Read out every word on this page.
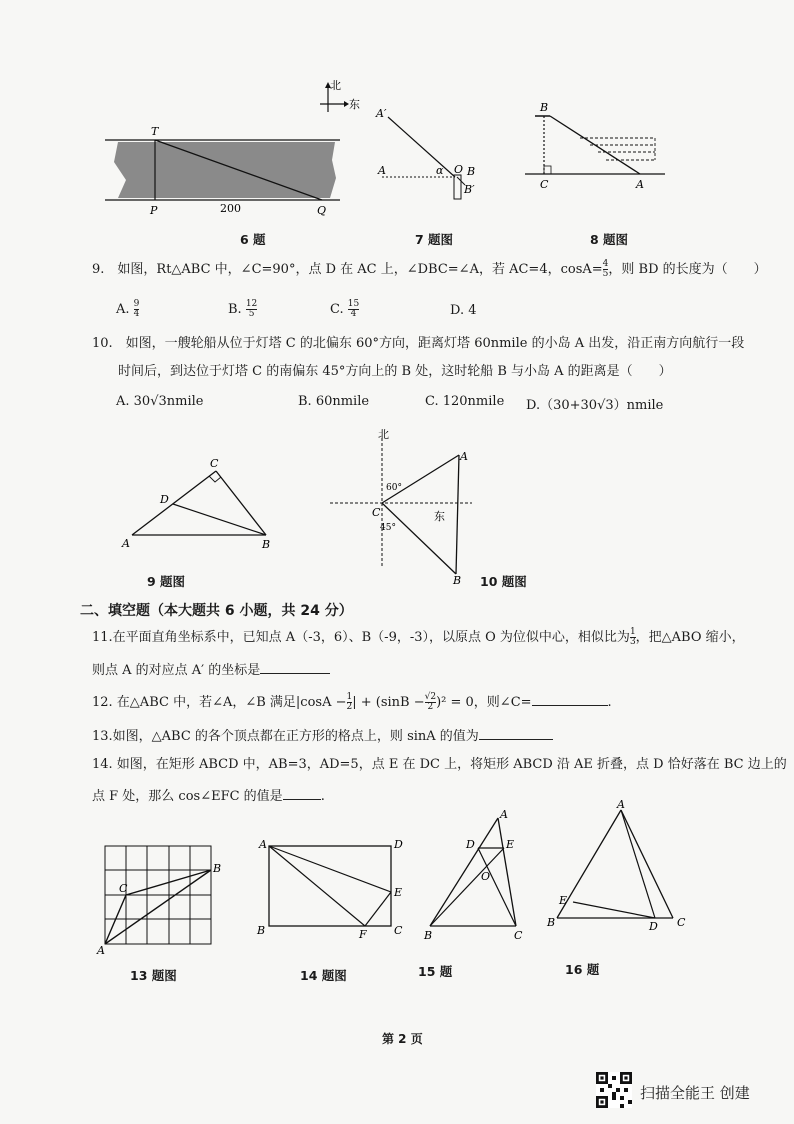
T
P	Q
200
6 题
北
东
A′
A	α O B
B′
7 题图
B
C	A
8 题图
9.　如图，Rt△ABC 中，∠C=90°，点 D 在 AC 上，∠DBC=∠A，若 AC=4，$\cos A= \frac{4}{5}$ ，则 BD 的长度为（　　）
A. $\frac{9}{4}$	B. $\frac{12}{5}$	C. $\frac{15}{4}$	D. 4
10.　如图，一艘轮船从位于灯塔 C 的北偏东 60°方向，距离灯塔 60nmile 的小岛 A 出发，沿正南方向航行一段
时间后，到达位于灯塔 C 的南偏东 45°方向上的 B 处，这时轮船 B 与小岛 A 的距离是（　　）
A. 30√3nmile	B. 60nmile	C. 120nmile D.（30+30√3）nmile
C
D
A	B
9 题图
北
A
C
B
60°
45°
东
10 题图
二、填空题（本大题共 6 小题，共 24 分）
11.在平面直角坐标系中，已知点 A（-3，6）、B（-9，-3），以原点 O 为位似中心，相似比为 $\frac{1}{3}$ ，把△ABO 缩小，
则点 A 的对应点 A′ 的坐标是
12. 在△ABC 中，若∠A，∠B 满足$|\cos A - \frac{1}{2}$ | + $(\sin B - \frac{√2}{2} )^2 = 0$，则∠C=	.
13.如图，△ABC 的各个顶点都在正方形的格点上，则 sinA 的值为
14. 如图，在矩形 ABCD 中，AB=3，AD=5，点 E 在 DC 上，将矩形 ABCD 沿 AE 折叠，点 D 恰好落在 BC 边上的
点 F 处，那么 cos∠EFC 的值是	.
A
B
C
13 题图
A	D
E
B	F C
14 题图
A
D	E
O
B	C
15 题
A
E
B	D C
16 题
第 2 页
扫描全能王 创建
